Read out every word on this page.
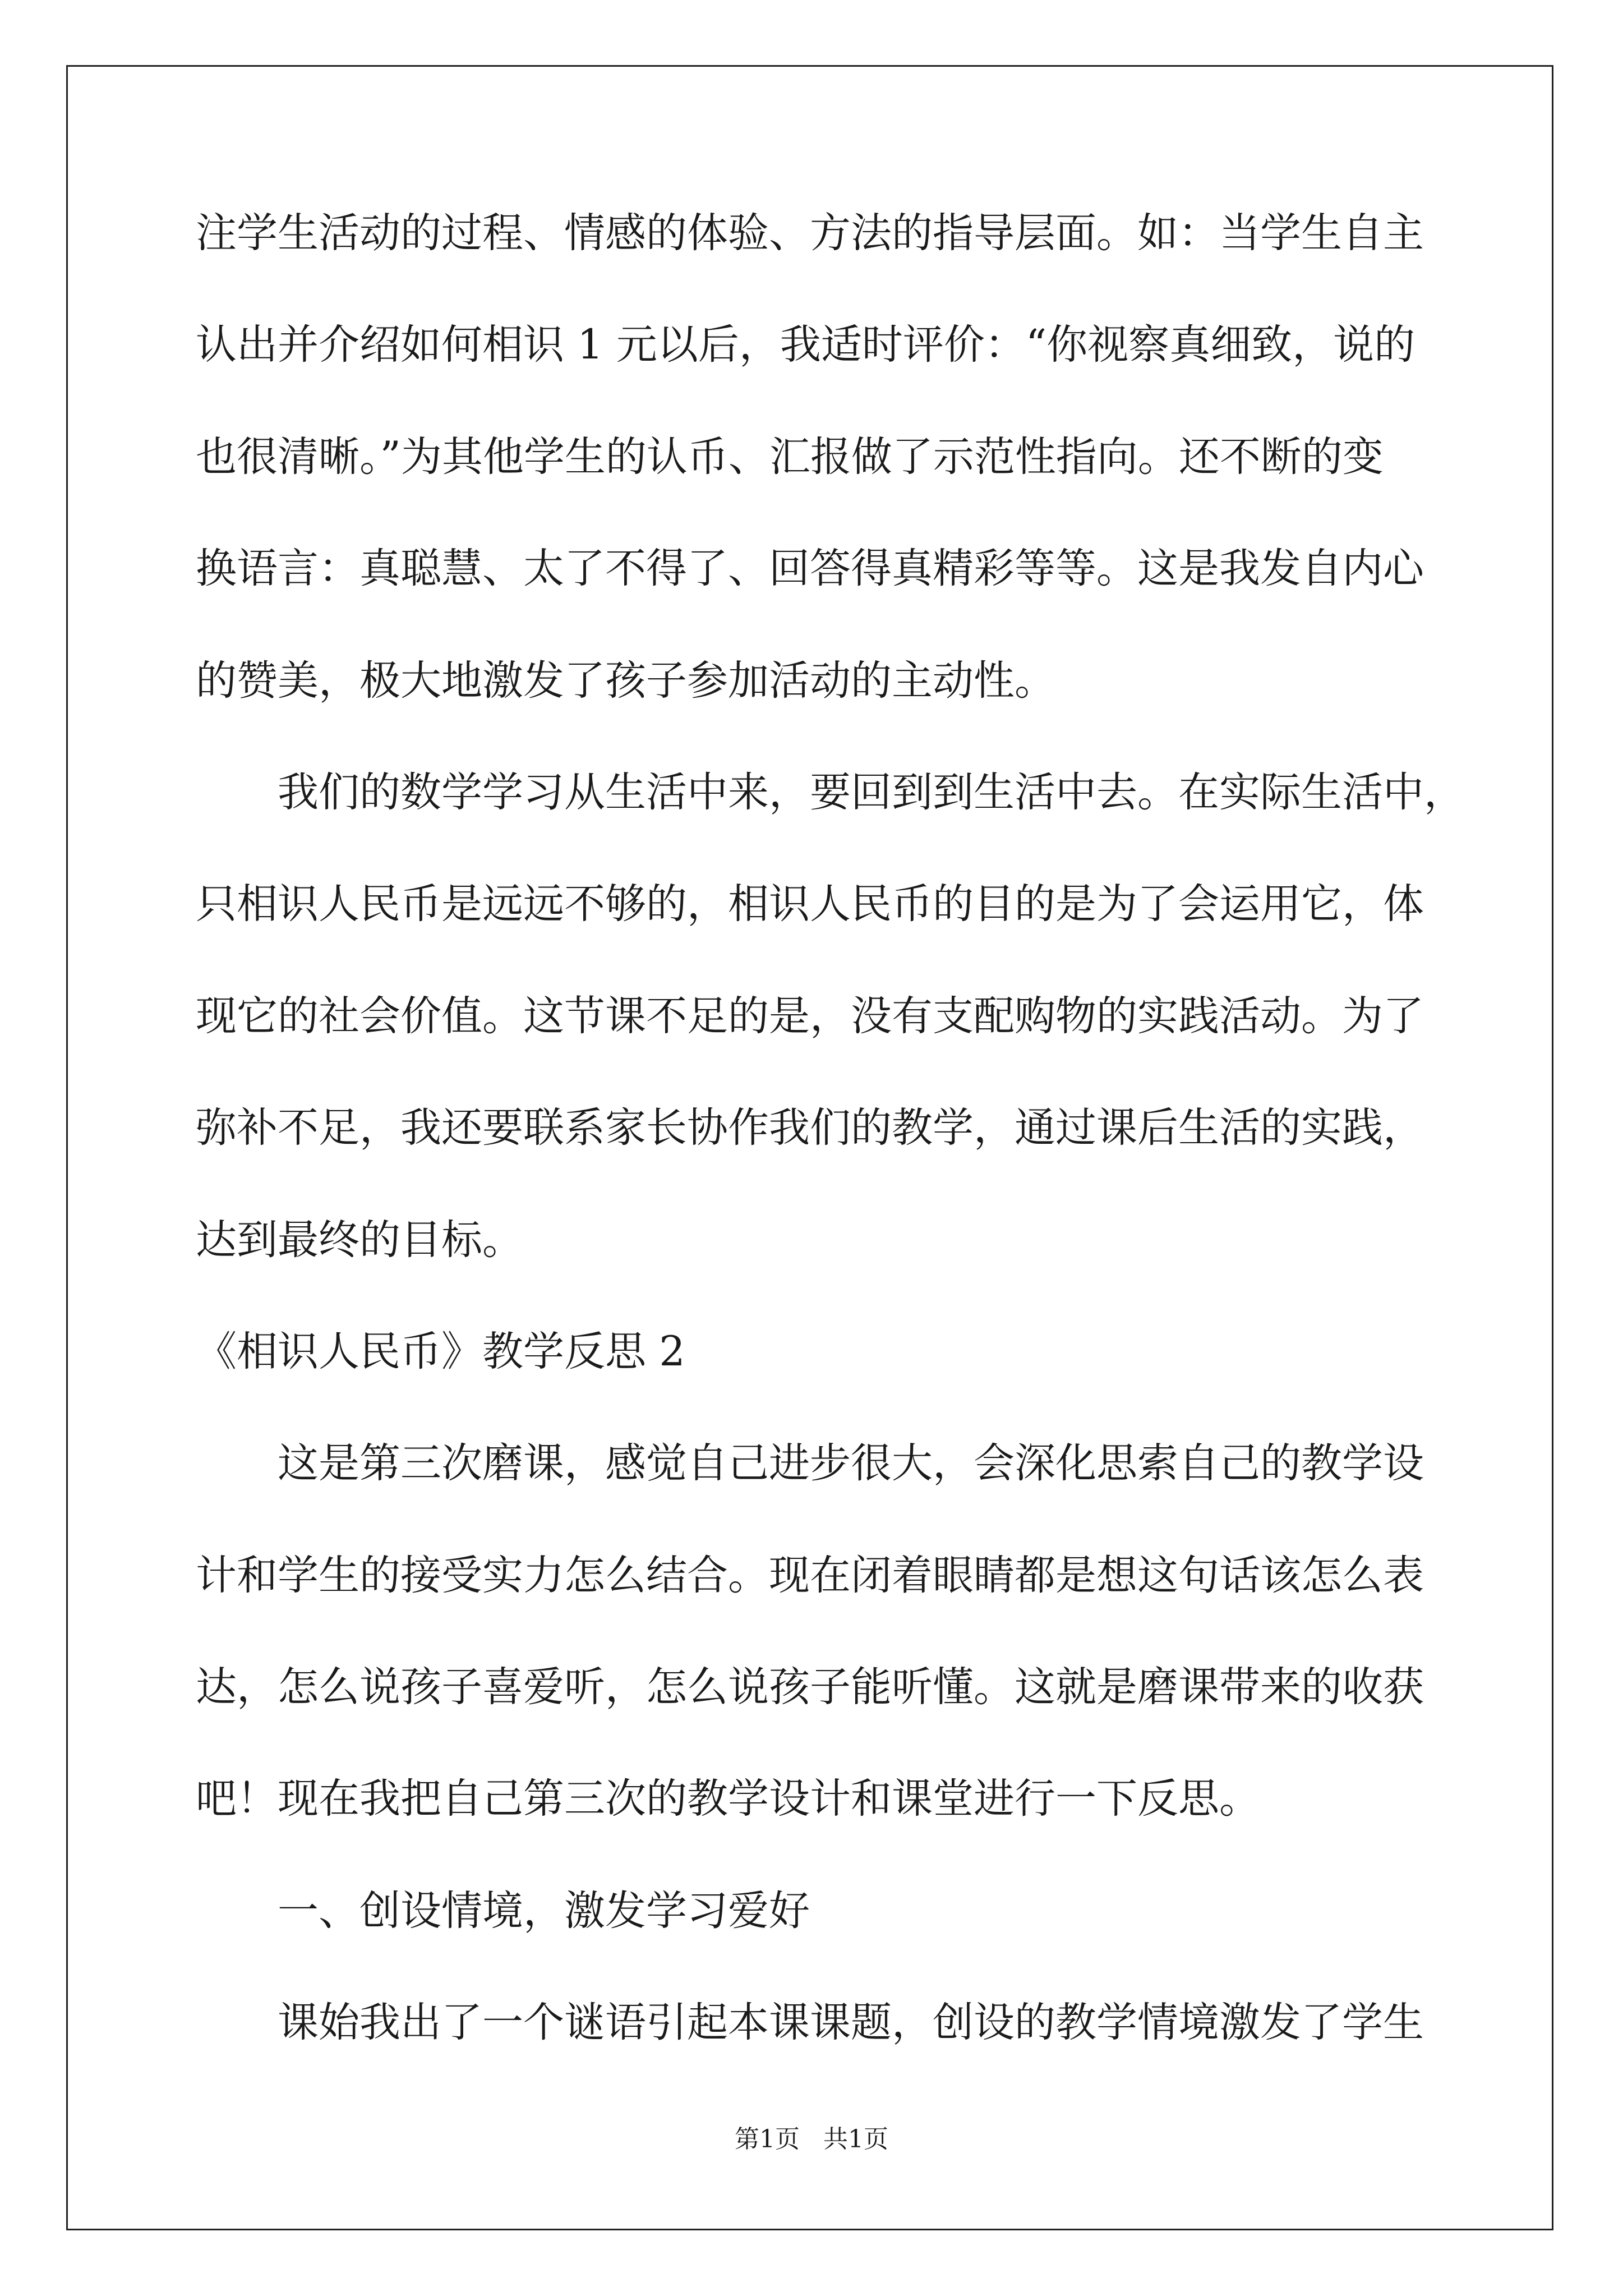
注学生活动的过程、情感的体验、方法的指导层面。如：当学生自主
认出并介绍如何相识 1 元以后，我适时评价：“你视察真细致，说的
也很清晰。”为其他学生的认币、汇报做了示范性指向。还不断的变
换语言：真聪慧、太了不得了、回答得真精彩等等。这是我发自内心
的赞美，极大地激发了孩子参加活动的主动性。
我们的数学学习从生活中来，要回到到生活中去。在实际生活中，
只相识人民币是远远不够的，相识人民币的目的是为了会运用它，体
现它的社会价值。这节课不足的是，没有支配购物的实践活动。为了
弥补不足，我还要联系家长协作我们的教学，通过课后生活的实践，
达到最终的目标。
《相识人民币》教学反思 2
这是第三次磨课，感觉自己进步很大，会深化思索自己的教学设
计和学生的接受实力怎么结合。现在闭着眼睛都是想这句话该怎么表
达，怎么说孩子喜爱听，怎么说孩子能听懂。这就是磨课带来的收获
吧！现在我把自己第三次的教学设计和课堂进行一下反思。
一、创设情境，激发学习爱好
课始我出了一个谜语引起本课课题，创设的教学情境激发了学生
第1页   共1页
